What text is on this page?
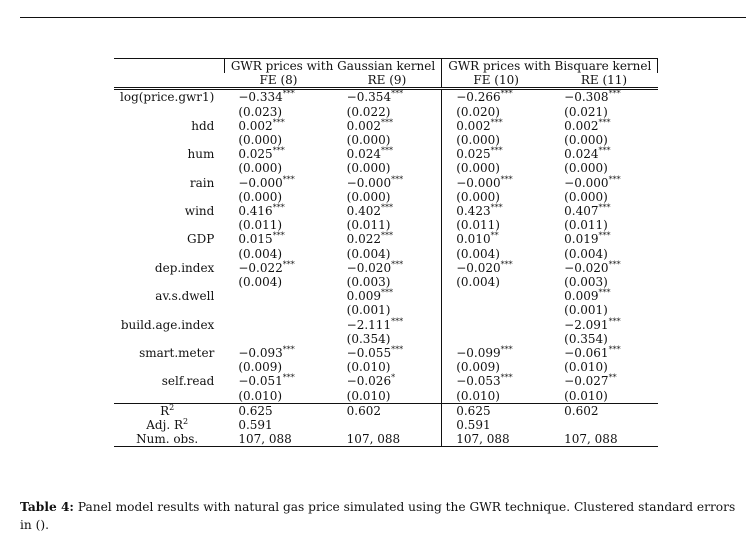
	GWR prices with Gaussian kernel		GWR prices with Bisquare kernel	
	FE (8)	RE (9)	FE (10)	RE (11)
log(price.gwr1)	−0.334***	−0.354***	−0.266***	−0.308***
	(0.023)	(0.022)	(0.020)	(0.021)
hdd	0.002***	0.002***	0.002***	0.002***
	(0.000)	(0.000)	(0.000)	(0.000)
hum	0.025***	0.024***	0.025***	0.024***
	(0.000)	(0.000)	(0.000)	(0.000)
rain	−0.000***	−0.000***	−0.000***	−0.000***
	(0.000)	(0.000)	(0.000)	(0.000)
wind	0.416***	0.402***	0.423***	0.407***
	(0.011)	(0.011)	(0.011)	(0.011)
GDP	0.015***	0.022***	0.010**	0.019***
	(0.004)	(0.004)	(0.004)	(0.004)
dep.index	−0.022***	−0.020***	−0.020***	−0.020***
	(0.004)	(0.003)	(0.004)	(0.003)
av.s.dwell		0.009***		0.009***
		(0.001)		(0.001)
build.age.index		−2.111***		−2.091***
		(0.354)		(0.354)
smart.meter	−0.093***	−0.055***	−0.099***	−0.061***
	(0.009)	(0.010)	(0.009)	(0.010)
self.read	−0.051***	−0.026*	−0.053***	−0.027**
	(0.010)	(0.010)	(0.010)	(0.010)
$R^2$	0.625	0.602	0.625	0.602
Adj. $R^2$	0.591		0.591	
Num. obs.	107, 088	107, 088	107, 088	107, 088
Table 4: Panel model results with natural gas price simulated using the GWR technique. Clustered standard errors in ().
